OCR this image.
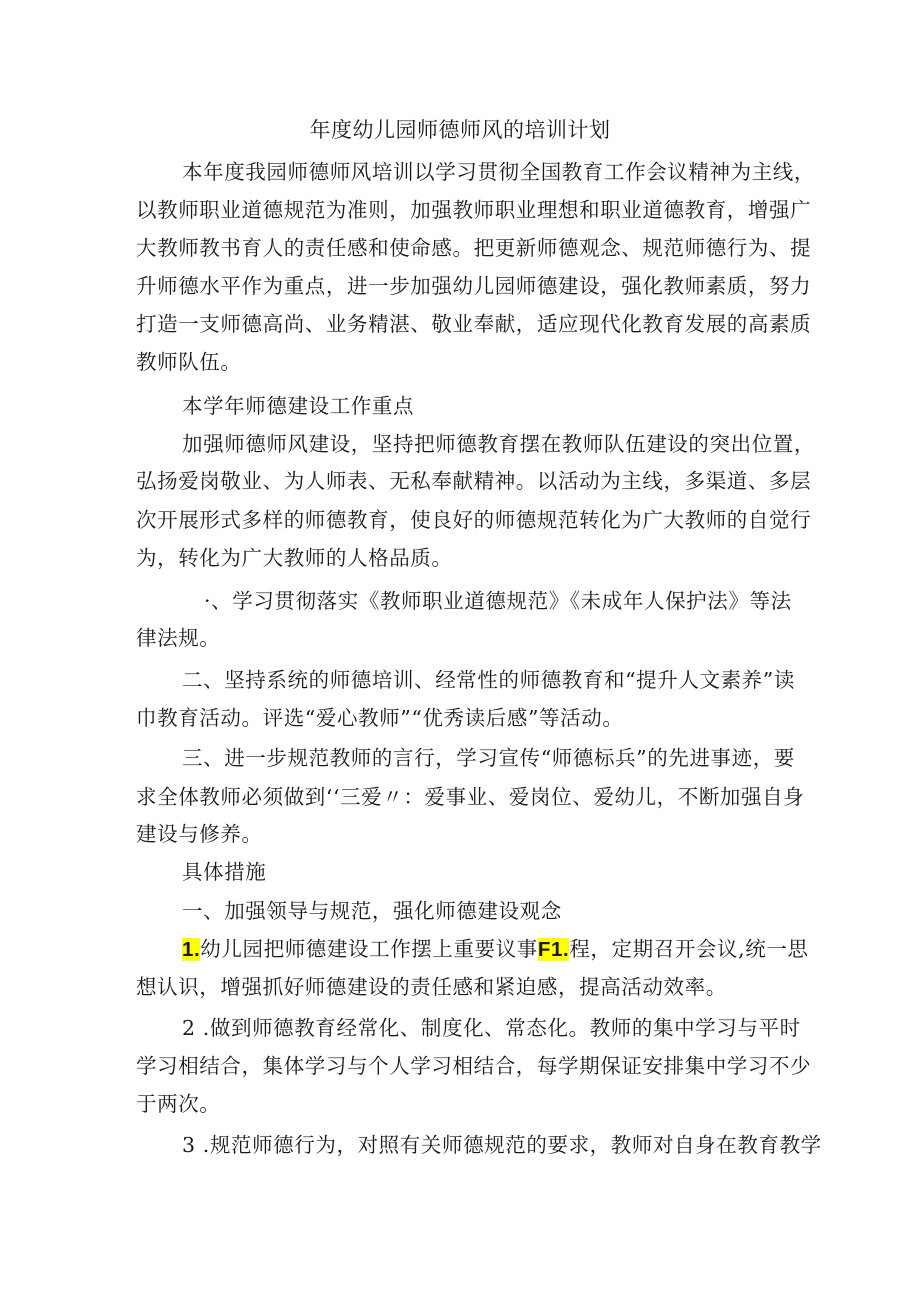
年度幼儿园师德师风的培训计划
本年度我园师德师风培训以学习贯彻全国教育工作会议精神为主线，
以教师职业道德规范为准则，加强教师职业理想和职业道德教育，增强广
大教师教书育人的责任感和使命感。把更新师德观念、规范师德行为、提
升师德水平作为重点，进一步加强幼儿园师德建设，强化教师素质，努力
打造一支师德高尚、业务精湛、敬业奉献，适应现代化教育发展的高素质
教师队伍。
本学年师德建设工作重点
加强师德师风建设，坚持把师德教育摆在教师队伍建设的突出位置，
弘扬爱岗敬业、为人师表、无私奉献精神。以活动为主线，多渠道、多层
次开展形式多样的师德教育，使良好的师德规范转化为广大教师的自觉行
为，转化为广大教师的人格品质。
·、学习贯彻落实《教师职业道德规范》《未成年人保护法》等法
律法规。
二、坚持系统的师德培训、经常性的师德教育和“提升人文素养”读
巾教育活动。评选“爱心教师”“优秀读后感”等活动。
三、进一步规范教师的言行，学习宣传“师德标兵”的先进事迹，要
求全体教师必须做到‘‘三爱〃：爱事业、爱岗位、爱幼儿，不断加强自身
建设与修养。
具体措施
一、加强领导与规范，强化师德建设观念
1.幼儿园把师德建设工作摆上重要议事F1.程，定期召开会议,统一思
想认识，增强抓好师德建设的责任感和紧迫感，提高活动效率。
2 .做到师德教育经常化、制度化、常态化。教师的集中学习与平时
学习相结合，集体学习与个人学习相结合，每学期保证安排集中学习不少
于两次。
3 .规范师德行为，对照有关师德规范的要求，教师对自身在教育教学
